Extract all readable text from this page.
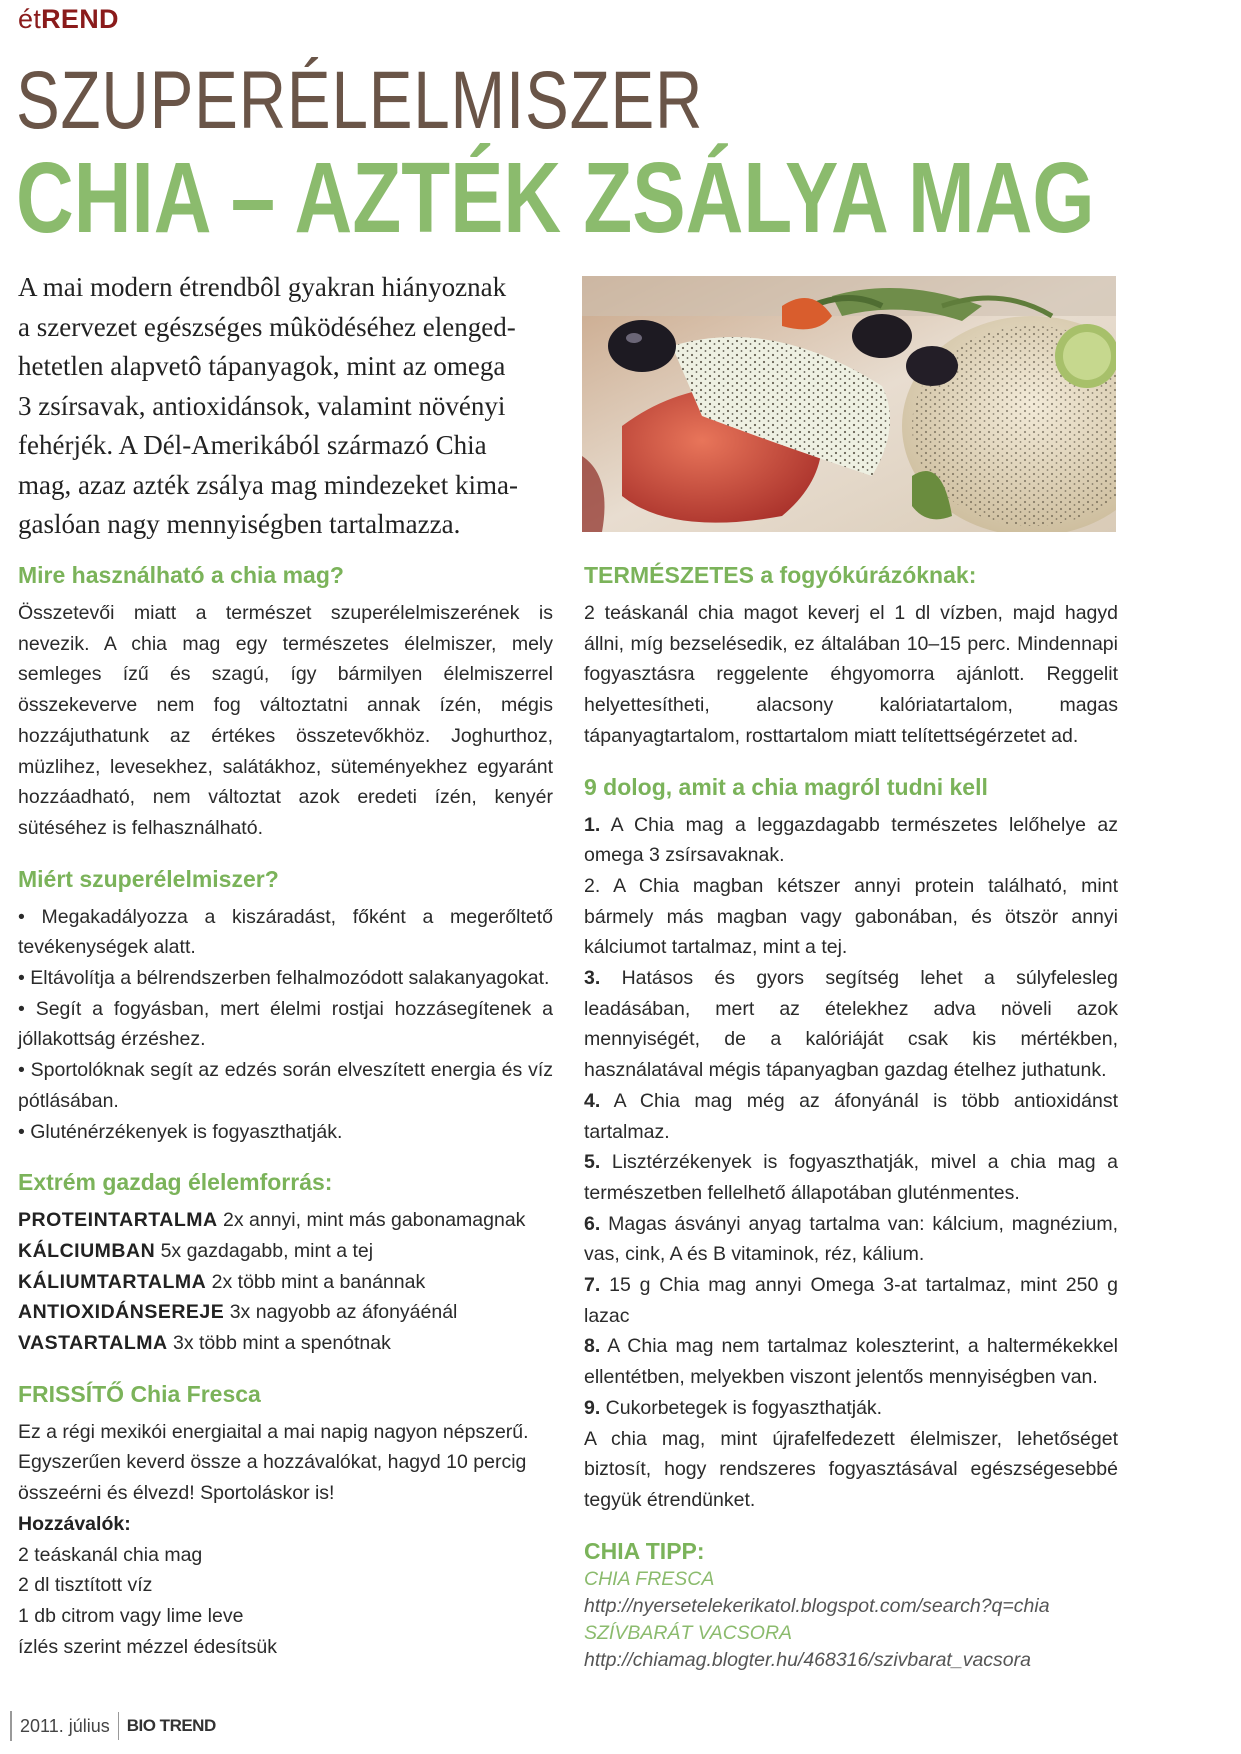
étREND
SZUPERÉLELMISZER
CHIA – AZTÉK ZSÁLYA MAG

A mai modern étrendbôl gyakran hiányoznak

a szervezet egészséges mûködéséhez elenged-

hetetlen alapvetô tápanyagok, mint az omega

3 zsírsavak, antioxidánsok, valamint növényi

fehérjék. A Dél-Amerikából származó Chia

mag, azaz azték zsálya mag mindezeket kima-

gaslóan nagy mennyiségben tartalmazza.

Mire használható a chia mag?

Összetevői miatt a természet szuperélelmiszerének is nevezik. A chia mag egy természetes élelmiszer, mely semleges ízű és szagú, így bármilyen élelmiszerrel összekeverve nem fog változtatni annak ízén, mégis hozzájuthatunk az értékes összetevőkhöz. Joghurthoz, müzlihez, levesekhez, salátákhoz, süteményekhez egyaránt hozzáadható, nem változtat azok eredeti ízén, kenyér sütéséhez is felhasználható.

Miért szuperélelmiszer?

• Megakadályozza a kiszáradást, főként a megerőltető tevékenységek alatt.

• Eltávolítja a bélrendszerben felhalmozódott salakanyagokat.

• Segít a fogyásban, mert élelmi rostjai hozzásegítenek a jóllakottság érzéshez.

• Sportolóknak segít az edzés során elveszített energia és víz pótlásában.

• Gluténérzékenyek is fogyaszthatják.

Extrém gazdag élelemforrás:

PROTEINTARTALMA 2x annyi, mint más gabonamagnak

KÁLCIUMBAN 5x gazdagabb, mint a tej

KÁLIUMTARTALMA 2x több mint a banánnak

ANTIOXIDÁNSEREJE 3x nagyobb az áfonyáénál

VASTARTALMA 3x több mint a spenótnak

FRISSÍTŐ Chia Fresca

Ez a régi mexikói energiaital a mai napig nagyon népszerű. Egyszerűen keverd össze a hozzávalókat, hagyd 10 percig összeérni és élvezd! Sportoláskor is!

Hozzávalók:

2 teáskanál chia mag

2 dl tisztított víz

1 db citrom vagy lime leve

ízlés szerint mézzel édesítsük

TERMÉSZETES a fogyókúrázóknak:

2 teáskanál chia magot keverj el 1 dl vízben, majd hagyd állni, míg bezselésedik, ez általában 10–15 perc. Mindennapi fogyasztásra reggelente éhgyomorra ajánlott. Reggelit helyettesítheti, alacsony kalóriatartalom, magas tápanyagtartalom, rosttartalom miatt telítettségérzetet ad.

9 dolog, amit a chia magról tudni kell

1. A Chia mag a leggazdagabb természetes lelőhelye az omega 3 zsírsavaknak.

2. A Chia magban kétszer annyi protein található, mint bármely más magban vagy gabonában, és ötször annyi kálciumot tartalmaz, mint a tej.

3. Hatásos és gyors segítség lehet a súlyfelesleg leadásában, mert az ételekhez adva növeli azok mennyiségét, de a kalóriáját csak kis mértékben, használatával mégis tápanyagban gazdag ételhez juthatunk.

4. A Chia mag még az áfonyánál is több antioxidánst tartalmaz.

5. Lisztérzékenyek is fogyaszthatják, mivel a chia mag a természetben fellelhető állapotában gluténmentes.

6. Magas ásványi anyag tartalma van: kálcium, magnézium, vas, cink, A és B vitaminok, réz, kálium.

7. 15 g Chia mag annyi Omega 3-at tartalmaz, mint 250 g lazac

8. A Chia mag nem tartalmaz koleszterint, a haltermékekkel ellentétben, melyekben viszont jelentős mennyiségben van.

9. Cukorbetegek is fogyaszthatják.

A chia mag, mint újrafelfedezett élelmiszer, lehetőséget biztosít, hogy rendszeres fogyasztásával egészségesebbé tegyük étrendünket.

CHIA TIPP:

CHIA FRESCA

http://nyersetelekerikatol.blogspot.com/search?q=chia

SZÍVBARÁT VACSORA

http://chiamag.blogter.hu/468316/szivbarat_vacsora

2011. július BIO TREND
